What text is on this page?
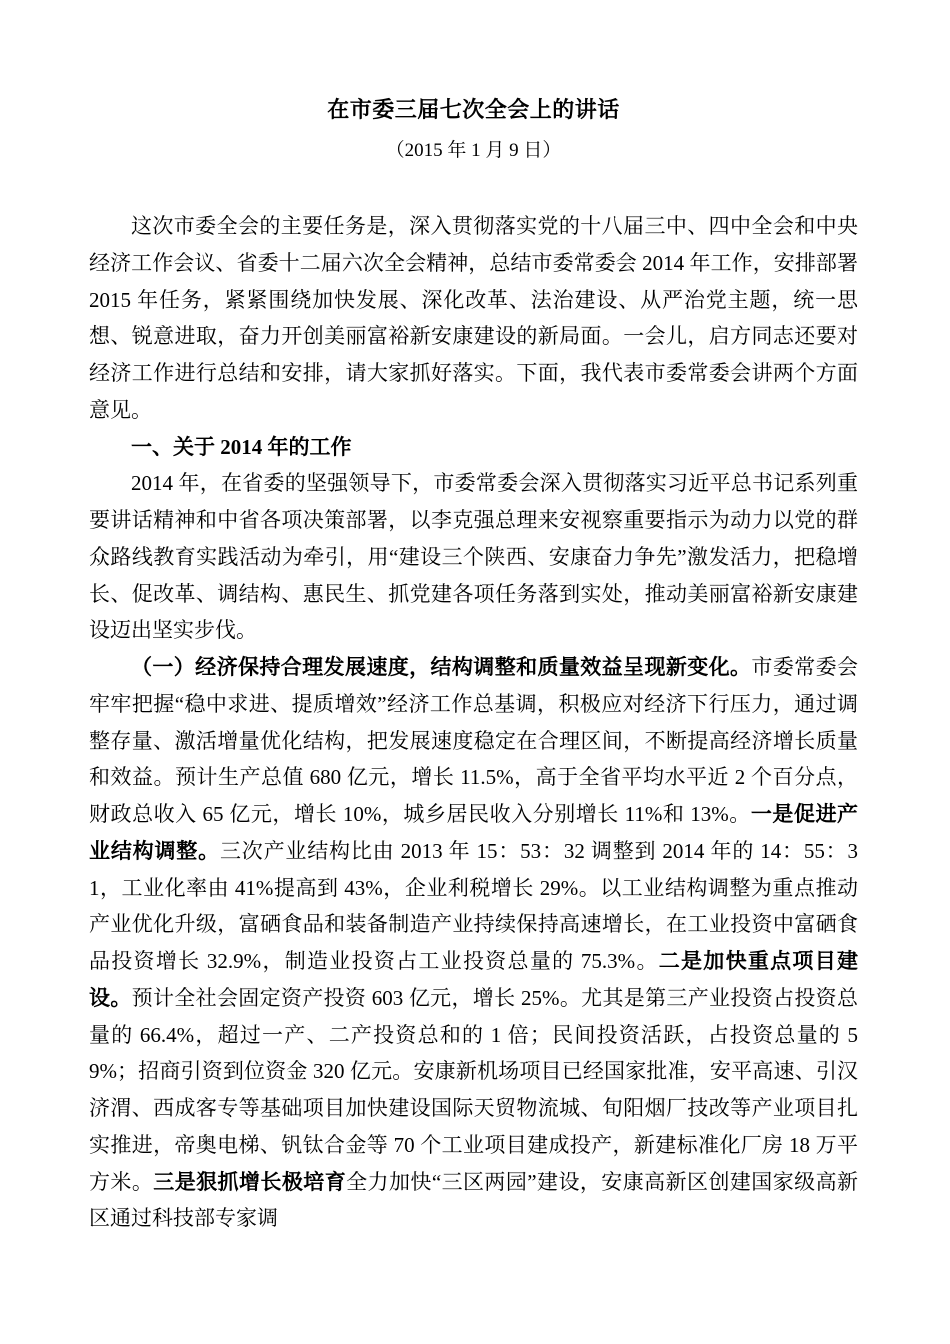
在市委三届七次全会上的讲话
（2015 年 1 月 9 日）

这次市委全会的主要任务是，深入贯彻落实党的十八届三中、四中全会和中央经济工作会议、省委十二届六次全会精神，总结市委常委会 2014 年工作，安排部署 2015 年任务，紧紧围绕加快发展、深化改革、法治建设、从严治党主题，统一思想、锐意进取，奋力开创美丽富裕新安康建设的新局面。一会儿，启方同志还要对经济工作进行总结和安排，请大家抓好落实。下面，我代表市委常委会讲两个方面意见。

一、关于 2014 年的工作

2014 年，在省委的坚强领导下，市委常委会深入贯彻落实习近平总书记系列重要讲话精神和中省各项决策部署，以李克强总理来安视察重要指示为动力以党的群众路线教育实践活动为牵引，用“建设三个陕西、安康奋力争先”激发活力，把稳增长、促改革、调结构、惠民生、抓党建各项任务落到实处，推动美丽富裕新安康建设迈出坚实步伐。

（一）经济保持合理发展速度，结构调整和质量效益呈现新变化。市委常委会牢牢把握“稳中求进、提质增效”经济工作总基调，积极应对经济下行压力，通过调整存量、激活增量优化结构，把发展速度稳定在合理区间，不断提高经济增长质量和效益。预计生产总值 680 亿元，增长 11.5%，高于全省平均水平近 2 个百分点，财政总收入 65 亿元，增长 10%，城乡居民收入分别增长 11%和 13%。一是促进产业结构调整。三次产业结构比由 2013 年 15：53：32 调整到 2014 年的 14：55：31，工业化率由 41%提高到 43%，企业利税增长 29%。以工业结构调整为重点推动产业优化升级，富硒食品和装备制造产业持续保持高速增长，在工业投资中富硒食品投资增长 32.9%，制造业投资占工业投资总量的 75.3%。二是加快重点项目建设。预计全社会固定资产投资 603 亿元，增长 25%。尤其是第三产业投资占投资总量的 66.4%，超过一产、二产投资总和的 1 倍；民间投资活跃，占投资总量的 59%；招商引资到位资金 320 亿元。安康新机场项目已经国家批准，安平高速、引汉济渭、西成客专等基础项目加快建设国际天贸物流城、旬阳烟厂技改等产业项目扎实推进，帝奥电梯、钒钛合金等 70 个工业项目建成投产，新建标准化厂房 18 万平方米。三是狠抓增长极培育全力加快“三区两园”建设，安康高新区创建国家级高新区通过科技部专家调
